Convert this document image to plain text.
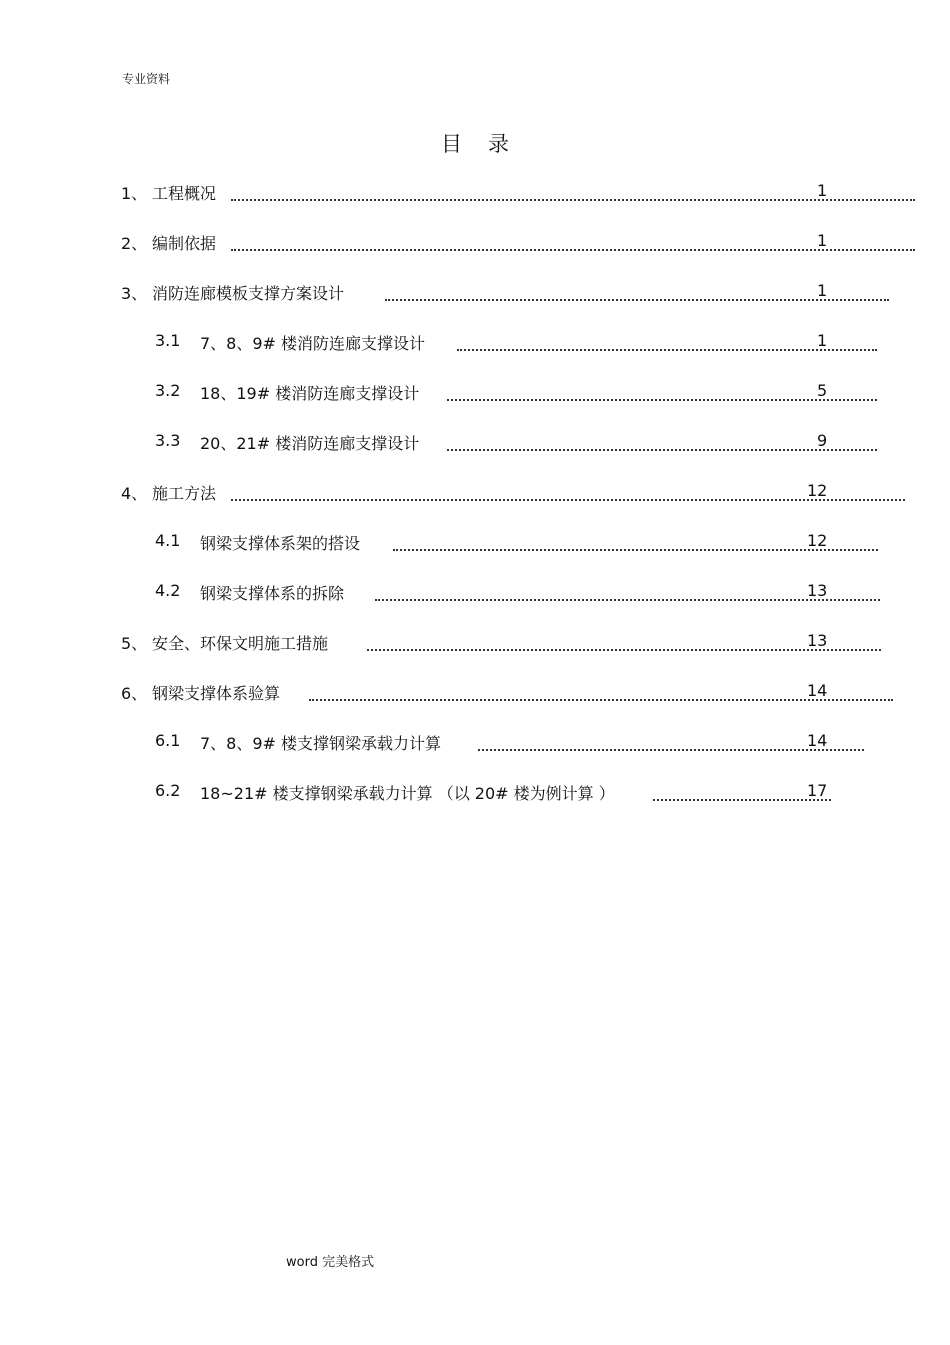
专业资料
目录
1、 工程概况	1
2、 编制依据	1
3、 消防连廊模板支撑方案设计	1
3.1 7、8、9# 楼消防连廊支撑设计	1
3.2 18、19# 楼消防连廊支撑设计	5
3.3 20、21# 楼消防连廊支撑设计	9
4、 施工方法	12
4.1 钢梁支撑体系架的搭设	12
4.2 钢梁支撑体系的拆除	13
5、 安全、环保文明施工措施	13
6、 钢梁支撑体系验算	14
6.1 7、8、9# 楼支撑钢梁承载力计算	14
6.2 18~21# 楼支撑钢梁承载力计算 （以 20# 楼为例计算 ）	17
word 完美格式
